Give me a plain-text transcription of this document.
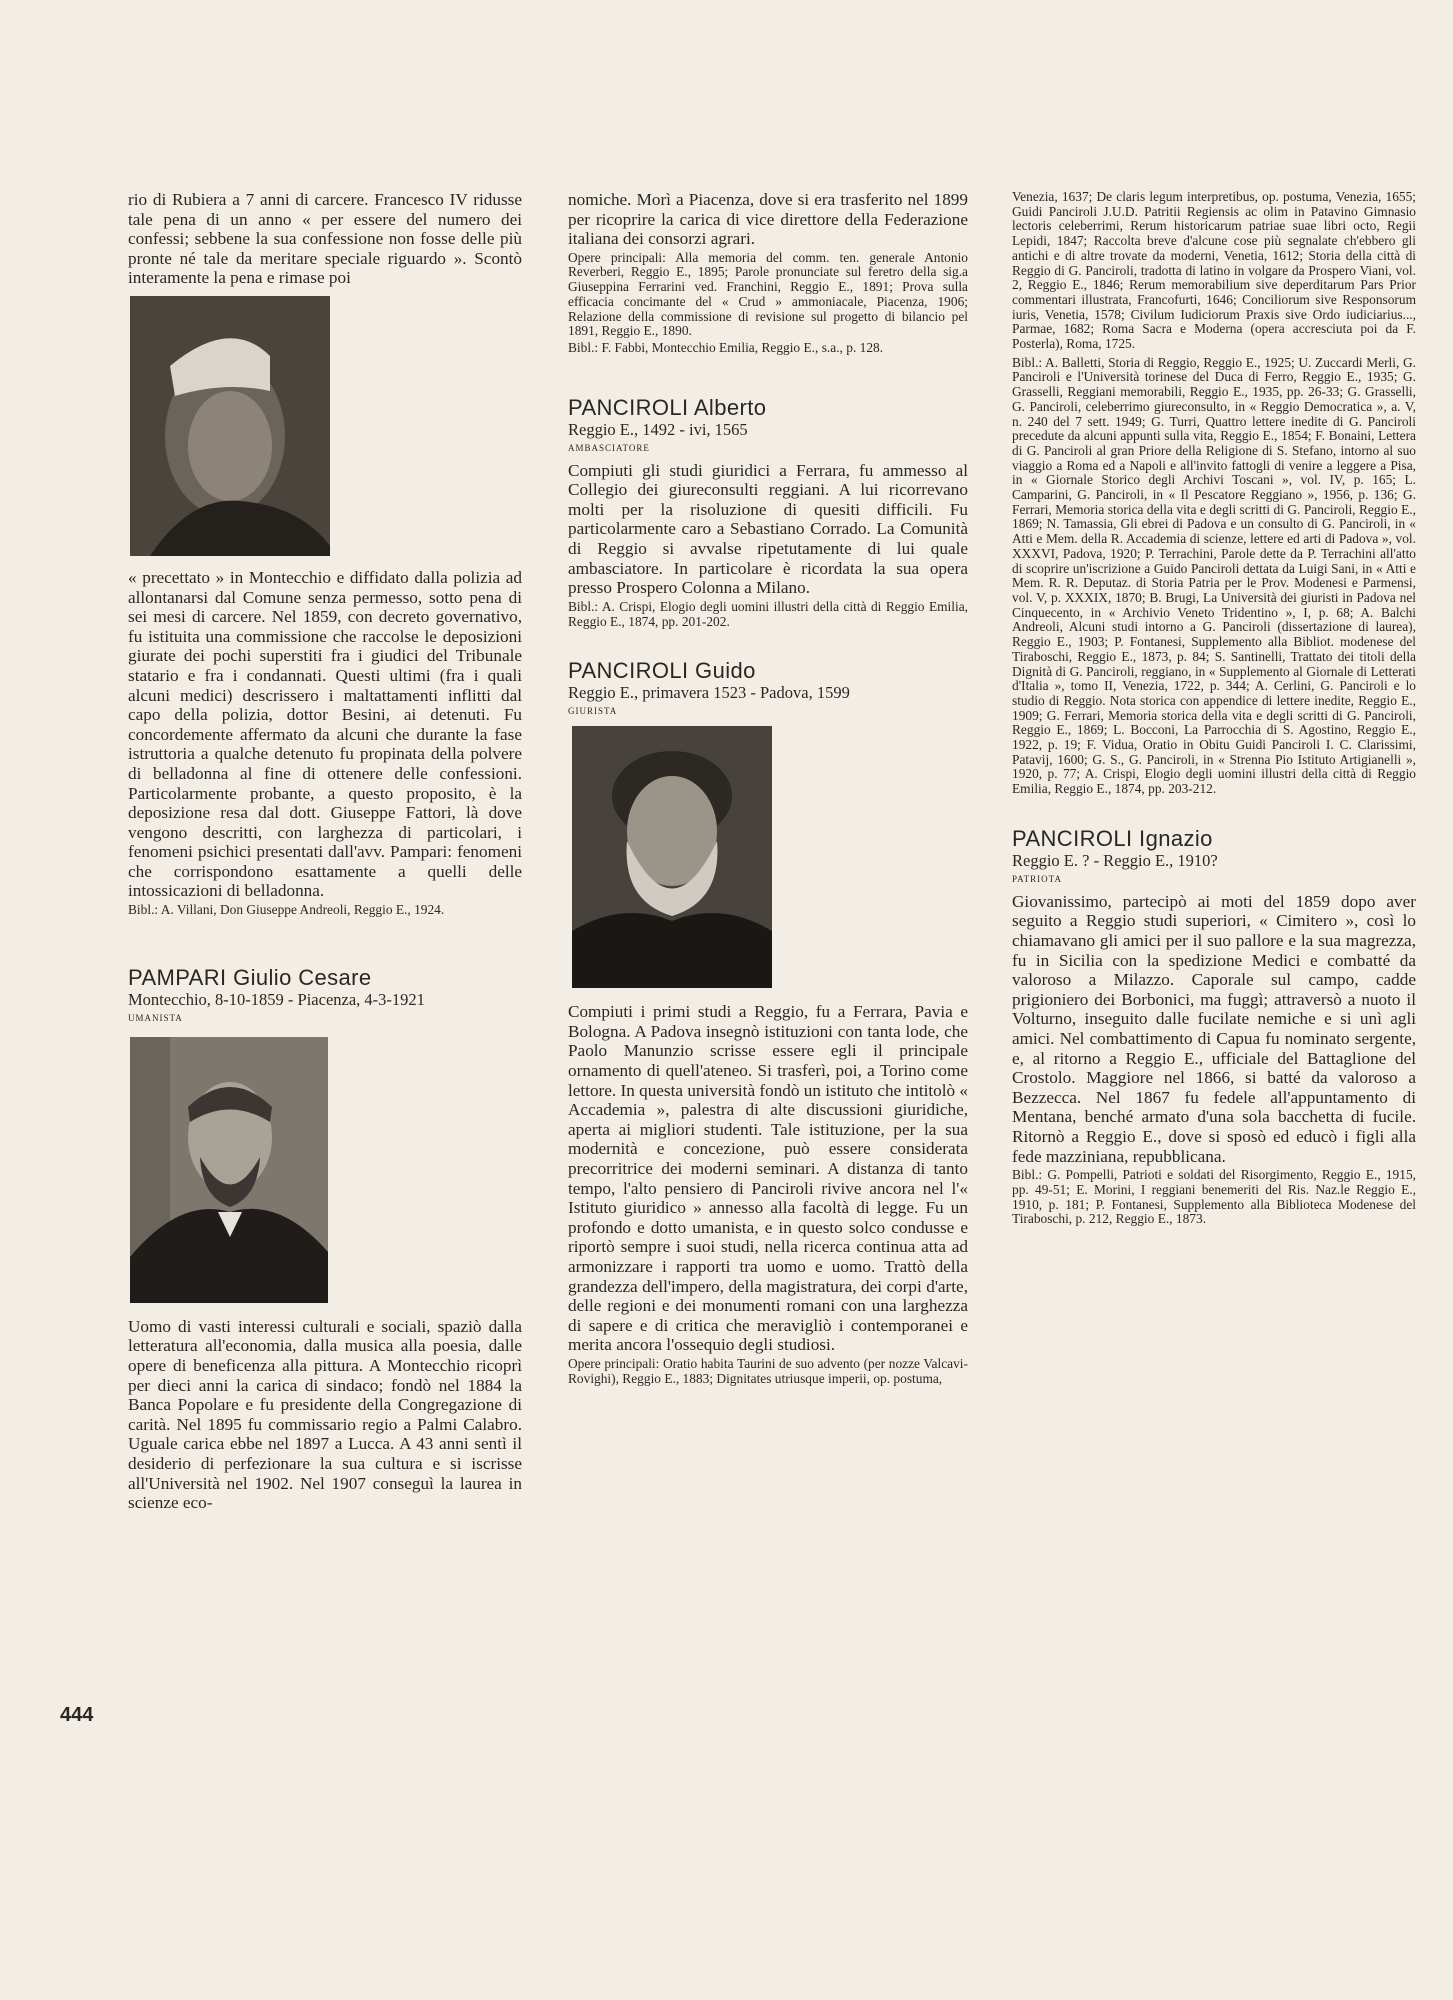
rio di Rubiera a 7 anni di carcere. Francesco IV ridusse tale pena di un anno « per essere del numero dei confessi; sebbene la sua confessione non fosse delle più pronte né tale da meritare speciale riguardo ». Scontò interamente la pena e rimase poi

« precettato » in Montecchio e diffidato dalla polizia ad allontanarsi dal Comune senza permesso, sotto pena di sei mesi di carcere. Nel 1859, con decreto governativo, fu istituita una commissione che raccolse le deposizioni giurate dei pochi superstiti fra i giudici del Tribunale statario e fra i condannati. Questi ultimi (fra i quali alcuni medici) descrissero i maltattamenti inflitti dal capo della polizia, dottor Besini, ai detenuti. Fu concordemente affermato da alcuni che durante la fase istruttoria a qualche detenuto fu propinata della polvere di belladonna al fine di ottenere delle confessioni. Particolarmente probante, a questo proposito, è la deposizione resa dal dott. Giuseppe Fattori, là dove vengono descritti, con larghezza di particolari, i fenomeni psichici presentati dall'avv. Pampari: fenomeni che corrispondono esattamente a quelli delle intossicazioni di belladonna.

Bibl.: A. Villani, Don Giuseppe Andreoli, Reggio E., 1924.

PAMPARI Giulio Cesare

Montecchio, 8-10-1859 - Piacenza, 4-3-1921

umanista

Uomo di vasti interessi culturali e sociali, spaziò dalla letteratura all'economia, dalla musica alla poesia, dalle opere di beneficenza alla pittura. A Montecchio ricoprì per dieci anni la carica di sindaco; fondò nel 1884 la Banca Popolare e fu presidente della Congregazione di carità. Nel 1895 fu commissario regio a Palmi Calabro. Uguale carica ebbe nel 1897 a Lucca. A 43 anni sentì il desiderio di perfezionare la sua cultura e si iscrisse all'Università nel 1902. Nel 1907 conseguì la laurea in scienze eco-

nomiche. Morì a Piacenza, dove si era trasferito nel 1899 per ricoprire la carica di vice direttore della Federazione italiana dei consorzi agrari.

Opere principali: Alla memoria del comm. ten. generale Antonio Reverberi, Reggio E., 1895; Parole pronunciate sul feretro della sig.a Giuseppina Ferrarini ved. Franchini, Reggio E., 1891; Prova sulla efficacia concimante del « Crud » ammoniacale, Piacenza, 1906; Relazione della commissione di revisione sul progetto di bilancio pel 1891, Reggio E., 1890.

Bibl.: F. Fabbi, Montecchio Emilia, Reggio E., s.a., p. 128.

PANCIROLI Alberto

Reggio E., 1492 - ivi, 1565

ambasciatore

Compiuti gli studi giuridici a Ferrara, fu ammesso al Collegio dei giureconsulti reggiani. A lui ricorrevano molti per la risoluzione di quesiti difficili. Fu particolarmente caro a Sebastiano Corrado. La Comunità di Reggio si avvalse ripetutamente di lui quale ambasciatore. In particolare è ricordata la sua opera presso Prospero Colonna a Milano.

Bibl.: A. Crispi, Elogio degli uomini illustri della città di Reggio Emilia, Reggio E., 1874, pp. 201-202.

PANCIROLI Guido

Reggio E., primavera 1523 - Padova, 1599

giurista

Compiuti i primi studi a Reggio, fu a Ferrara, Pavia e Bologna. A Padova insegnò istituzioni con tanta lode, che Paolo Manunzio scrisse essere egli il principale ornamento di quell'ateneo. Si trasferì, poi, a Torino come lettore. In questa università fondò un istituto che intitolò « Accademia », palestra di alte discussioni giuridiche, aperta ai migliori studenti. Tale istituzione, per la sua modernità e concezione, può essere considerata precorritrice dei moderni seminari. A distanza di tanto tempo, l'alto pensiero di Panciroli rivive ancora nel l'« Istituto giuridico » annesso alla facoltà di legge. Fu un profondo e dotto umanista, e in questo solco condusse e riportò sempre i suoi studi, nella ricerca continua atta ad armonizzare i rapporti tra uomo e uomo. Trattò della grandezza dell'impero, della magistratura, dei corpi d'arte, delle regioni e dei monumenti romani con una larghezza di sapere e di critica che meravigliò i contemporanei e merita ancora l'ossequio degli studiosi.

Opere principali: Oratio habita Taurini de suo advento (per nozze Valcavi-Rovighi), Reggio E., 1883; Dignitates utriusque imperii, op. postuma,

Venezia, 1637; De claris legum interpretibus, op. postuma, Venezia, 1655; Guidi Panciroli J.U.D. Patritii Regiensis ac olim in Patavino Gimnasio lectoris celeberrimi, Rerum historicarum patriae suae libri octo, Regii Lepidi, 1847; Raccolta breve d'alcune cose più segnalate ch'ebbero gli antichi e di altre trovate da moderni, Venetia, 1612; Storia della città di Reggio di G. Panciroli, tradotta di latino in volgare da Prospero Viani, vol. 2, Reggio E., 1846; Rerum memorabilium sive deperditarum Pars Prior commentari illustrata, Francofurti, 1646; Conciliorum sive Responsorum iuris, Venetia, 1578; Civilum Iudiciorum Praxis sive Ordo iudiciarius..., Parmae, 1682; Roma Sacra e Moderna (opera accresciuta poi da F. Posterla), Roma, 1725.

Bibl.: A. Balletti, Storia di Reggio, Reggio E., 1925; U. Zuccardi Merli, G. Panciroli e l'Università torinese del Duca di Ferro, Reggio E., 1935; G. Grasselli, Reggiani memorabili, Reggio E., 1935, pp. 26-33; G. Grasselli, G. Panciroli, celeberrimo giureconsulto, in « Reggio Democratica », a. V, n. 240 del 7 sett. 1949; G. Turri, Quattro lettere inedite di G. Panciroli precedute da alcuni appunti sulla vita, Reggio E., 1854; F. Bonaini, Lettera di G. Panciroli al gran Priore della Religione di S. Stefano, intorno al suo viaggio a Roma ed a Napoli e all'invito fattogli di venire a leggere a Pisa, in « Giornale Storico degli Archivi Toscani », vol. IV, p. 165; L. Camparini, G. Panciroli, in « Il Pescatore Reggiano », 1956, p. 136; G. Ferrari, Memoria storica della vita e degli scritti di G. Panciroli, Reggio E., 1869; N. Tamassia, Gli ebrei di Padova e un consulto di G. Panciroli, in « Atti e Mem. della R. Accademia di scienze, lettere ed arti di Padova », vol. XXXVI, Padova, 1920; P. Terrachini, Parole dette da P. Terrachini all'atto di scoprire un'iscrizione a Guido Panciroli dettata da Luigi Sani, in « Atti e Mem. R. R. Deputaz. di Storia Patria per le Prov. Modenesi e Parmensi, vol. V, p. XXXIX, 1870; B. Brugi, La Università dei giuristi in Padova nel Cinquecento, in « Archivio Veneto Tridentino », I, p. 68; A. Balchi Andreoli, Alcuni studi intorno a G. Panciroli (dissertazione di laurea), Reggio E., 1903; P. Fontanesi, Supplemento alla Bibliot. modenese del Tiraboschi, Reggio E., 1873, p. 84; S. Santinelli, Trattato dei titoli della Dignità di G. Panciroli, reggiano, in « Supplemento al Giornale di Letterati d'Italia », tomo II, Venezia, 1722, p. 344; A. Cerlini, G. Panciroli e lo studio di Reggio. Nota storica con appendice di lettere inedite, Reggio E., 1909; G. Ferrari, Memoria storica della vita e degli scritti di G. Panciroli, Reggio E., 1869; L. Bocconi, La Parrocchia di S. Agostino, Reggio E., 1922, p. 19; F. Vidua, Oratio in Obitu Guidi Panciroli I. C. Clarissimi, Patavij, 1600; G. S., G. Panciroli, in « Strenna Pio Istituto Artigianelli », 1920, p. 77; A. Crispi, Elogio degli uomini illustri della città di Reggio Emilia, Reggio E., 1874, pp. 203-212.

PANCIROLI Ignazio

Reggio E. ? - Reggio E., 1910?

patriota

Giovanissimo, partecipò ai moti del 1859 dopo aver seguito a Reggio studi superiori, « Cimitero », così lo chiamavano gli amici per il suo pallore e la sua magrezza, fu in Sicilia con la spedizione Medici e combatté da valoroso a Milazzo. Caporale sul campo, cadde prigioniero dei Borbonici, ma fuggì; attraversò a nuoto il Volturno, inseguito dalle fucilate nemiche e si unì agli amici. Nel combattimento di Capua fu nominato sergente, e, al ritorno a Reggio E., ufficiale del Battaglione del Crostolo. Maggiore nel 1866, si batté da valoroso a Bezzecca. Nel 1867 fu fedele all'appuntamento di Mentana, benché armato d'una sola bacchetta di fucile. Ritornò a Reggio E., dove si sposò ed educò i figli alla fede mazziniana, repubblicana.

Bibl.: G. Pompelli, Patrioti e soldati del Risorgimento, Reggio E., 1915, pp. 49-51; E. Morini, I reggiani benemeriti del Ris. Naz.le Reggio E., 1910, p. 181; P. Fontanesi, Supplemento alla Biblioteca Modenese del Tiraboschi, p. 212, Reggio E., 1873.

444
